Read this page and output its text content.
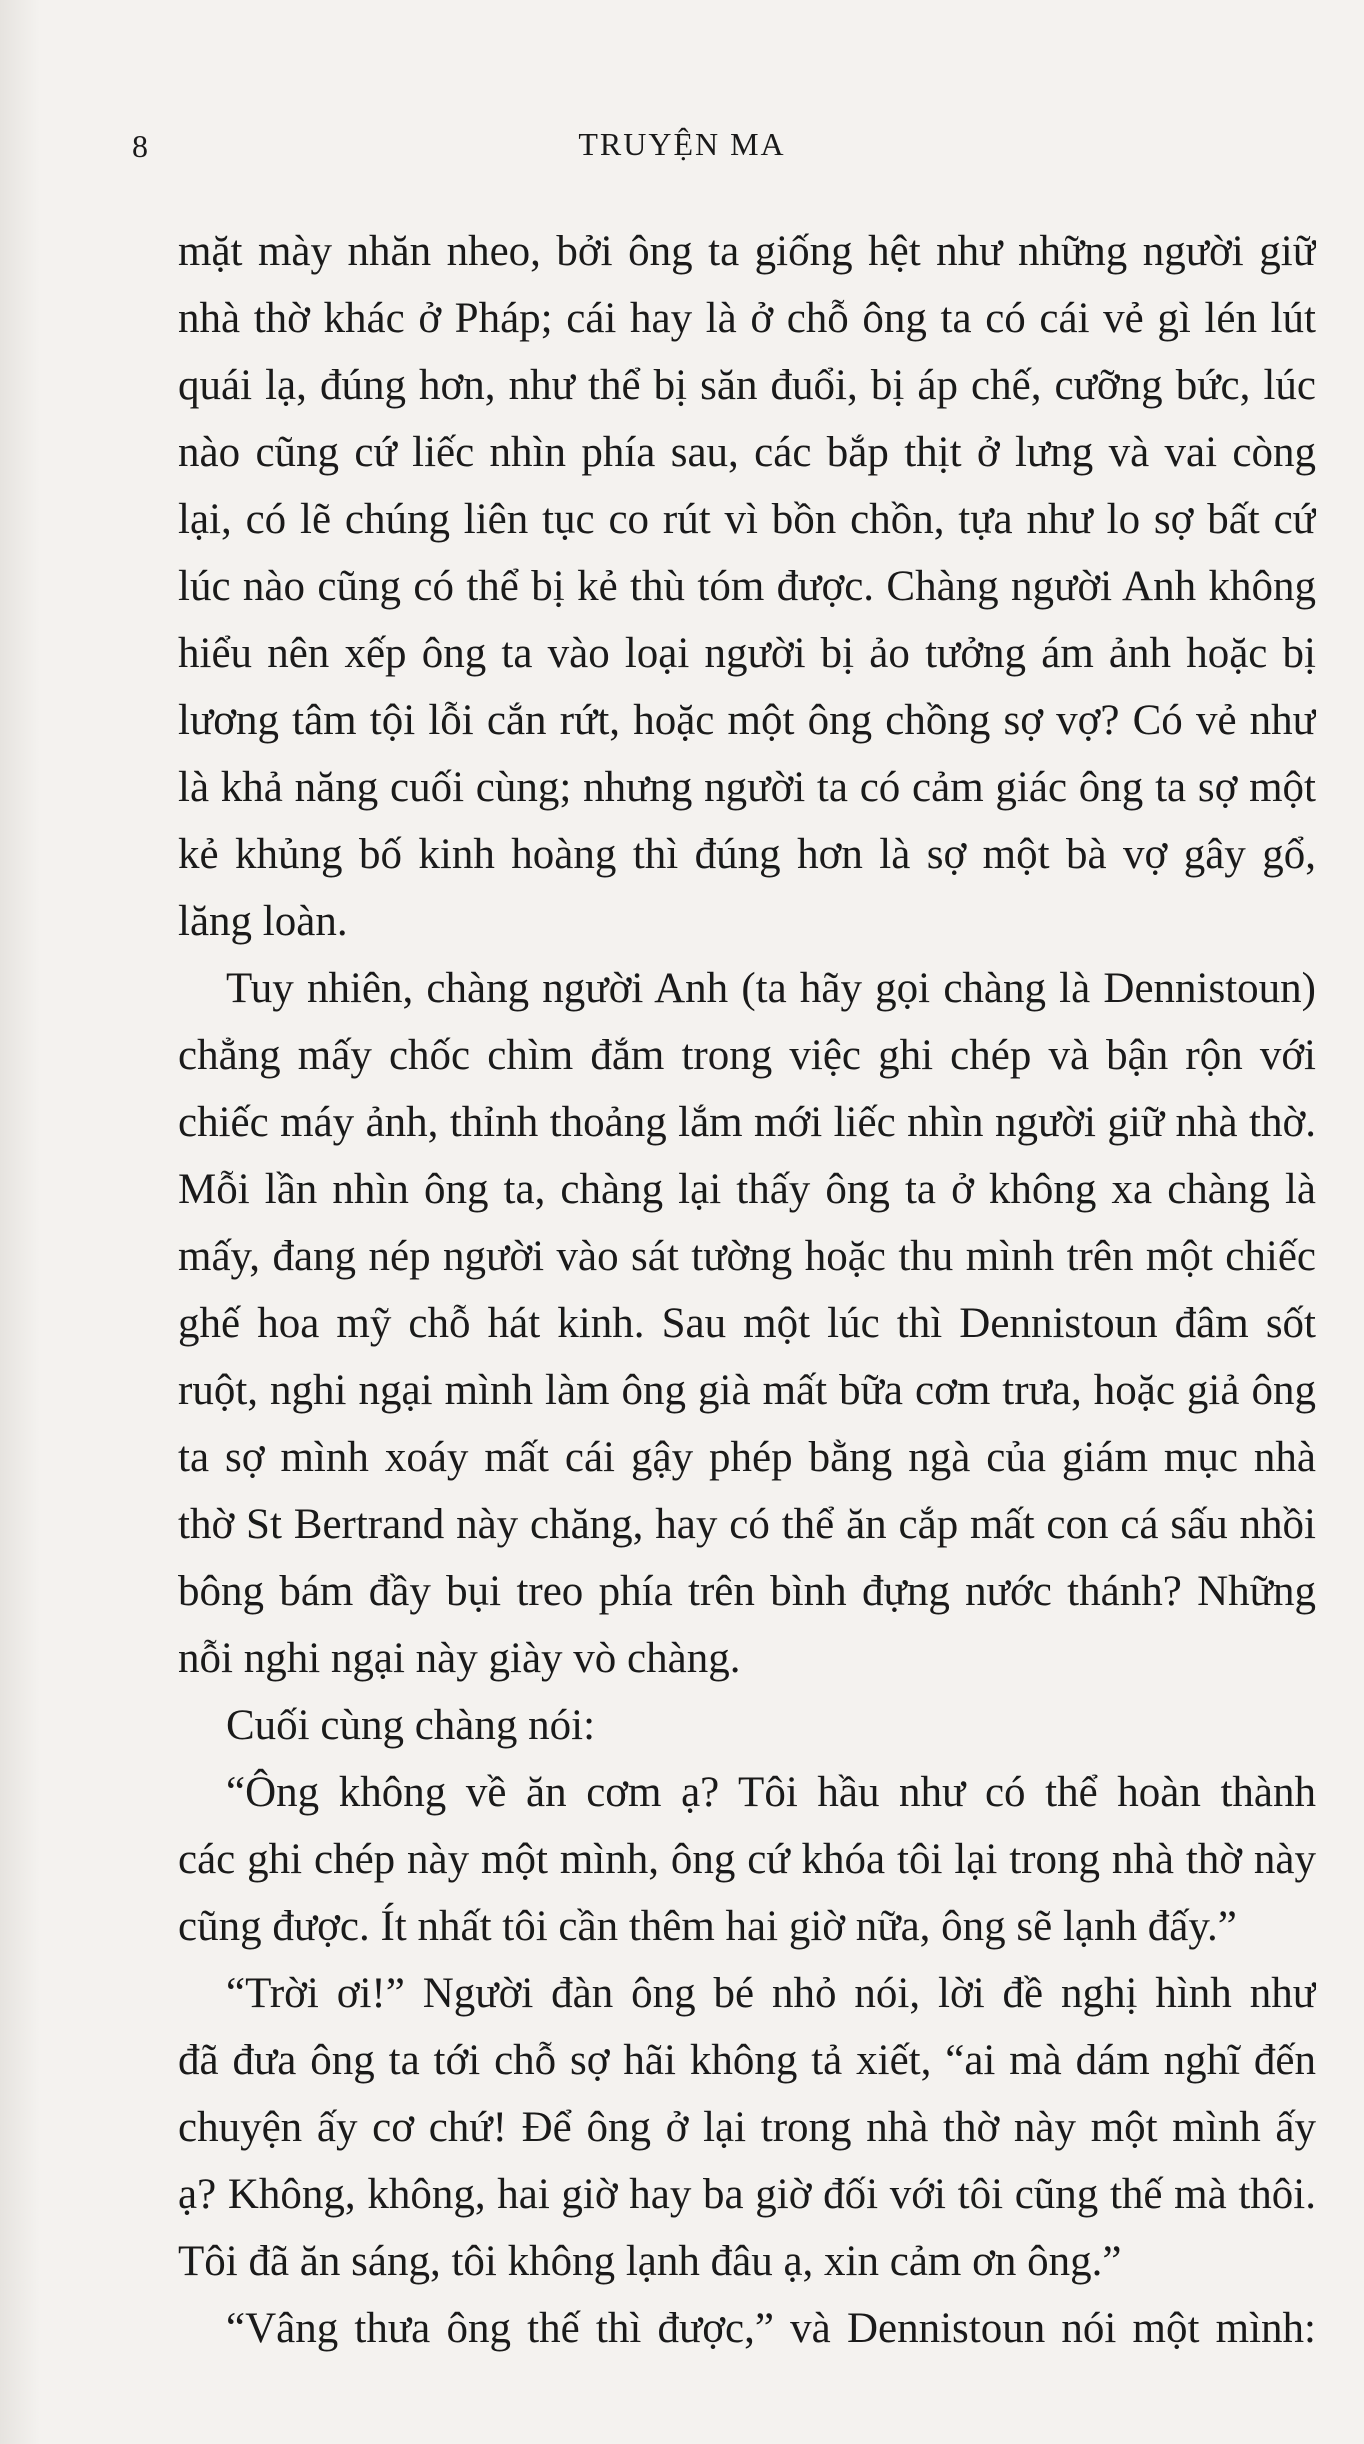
8	TRUYỆN MA
mặt mày nhăn nheo, bởi ông ta giống hệt như những người giữ
nhà thờ khác ở Pháp; cái hay là ở chỗ ông ta có cái vẻ gì lén lút
quái lạ, đúng hơn, như thể bị săn đuổi, bị áp chế, cưỡng bức, lúc
nào cũng cứ liếc nhìn phía sau, các bắp thịt ở lưng và vai còng
lại, có lẽ chúng liên tục co rút vì bồn chồn, tựa như lo sợ bất cứ
lúc nào cũng có thể bị kẻ thù tóm được. Chàng người Anh không
hiểu nên xếp ông ta vào loại người bị ảo tưởng ám ảnh hoặc bị
lương tâm tội lỗi cắn rứt, hoặc một ông chồng sợ vợ? Có vẻ như
là khả năng cuối cùng; nhưng người ta có cảm giác ông ta sợ một
kẻ khủng bố kinh hoàng thì đúng hơn là sợ một bà vợ gây gổ,
lăng loàn.
Tuy nhiên, chàng người Anh (ta hãy gọi chàng là Dennistoun)
chẳng mấy chốc chìm đắm trong việc ghi chép và bận rộn với
chiếc máy ảnh, thỉnh thoảng lắm mới liếc nhìn người giữ nhà thờ.
Mỗi lần nhìn ông ta, chàng lại thấy ông ta ở không xa chàng là
mấy, đang nép người vào sát tường hoặc thu mình trên một chiếc
ghế hoa mỹ chỗ hát kinh. Sau một lúc thì Dennistoun đâm sốt
ruột, nghi ngại mình làm ông già mất bữa cơm trưa, hoặc giả ông
ta sợ mình xoáy mất cái gậy phép bằng ngà của giám mục nhà
thờ St Bertrand này chăng, hay có thể ăn cắp mất con cá sấu nhồi
bông bám đầy bụi treo phía trên bình đựng nước thánh? Những
nỗi nghi ngại này giày vò chàng.
Cuối cùng chàng nói:
“Ông không về ăn cơm ạ? Tôi hầu như có thể hoàn thành
các ghi chép này một mình, ông cứ khóa tôi lại trong nhà thờ này
cũng được. Ít nhất tôi cần thêm hai giờ nữa, ông sẽ lạnh đấy.”
“Trời ơi!” Người đàn ông bé nhỏ nói, lời đề nghị hình như
đã đưa ông ta tới chỗ sợ hãi không tả xiết, “ai mà dám nghĩ đến
chuyện ấy cơ chứ! Để ông ở lại trong nhà thờ này một mình ấy
ạ? Không, không, hai giờ hay ba giờ đối với tôi cũng thế mà thôi.
Tôi đã ăn sáng, tôi không lạnh đâu ạ, xin cảm ơn ông.”
“Vâng thưa ông thế thì được,” và Dennistoun nói một mình:
